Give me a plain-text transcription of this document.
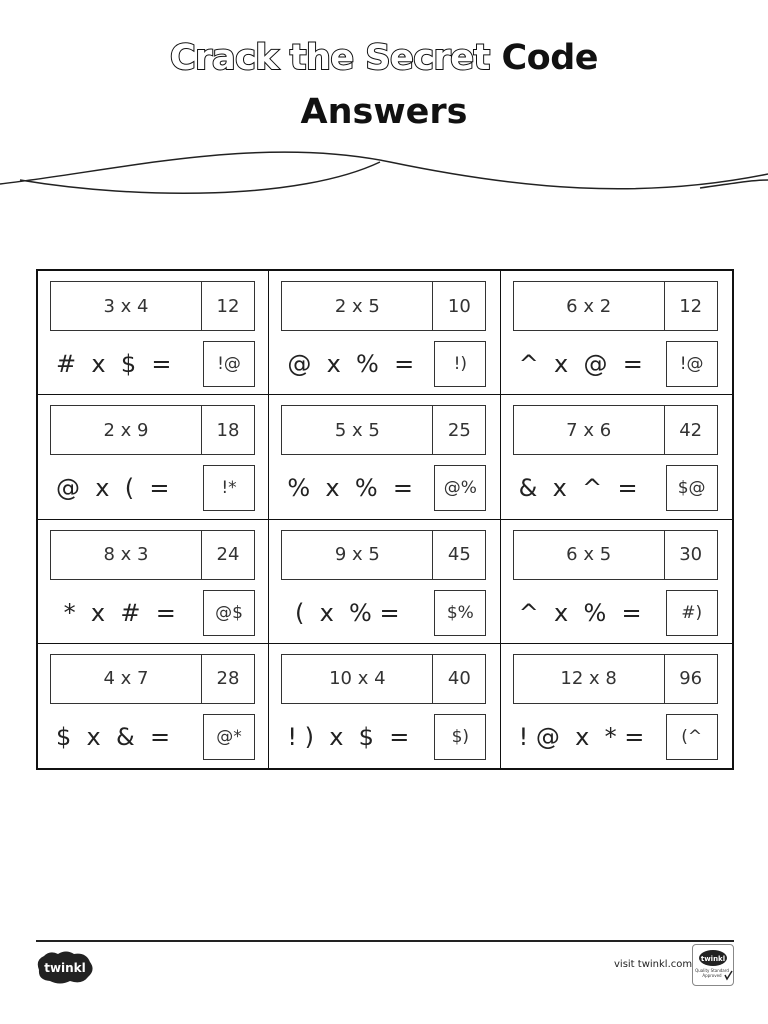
Crack the Secret Code
Answers
3 x 4	12
#  x  $  =	!@
2 x 5	10
@  x  %  =	!)
6 x 2	12
^  x  @  =	!@
2 x 9	18
@  x  (  =	!*
5 x 5	25
%  x  %  =	@%
7 x 6	42
&  x  ^  =	$@
8 x 3	24
*  x  #  =	@$
9 x 5	45
(  x  % =	$%
6 x 5	30
^  x  %  =	#)
4 x 7	28
$  x  &  =	@*
10 x 4	40
! )  x  $  =	$)
12 x 8	96
! @  x  * =	(^
twinkl	visit twinkl.com twinkl
Quality Standard
Approved
